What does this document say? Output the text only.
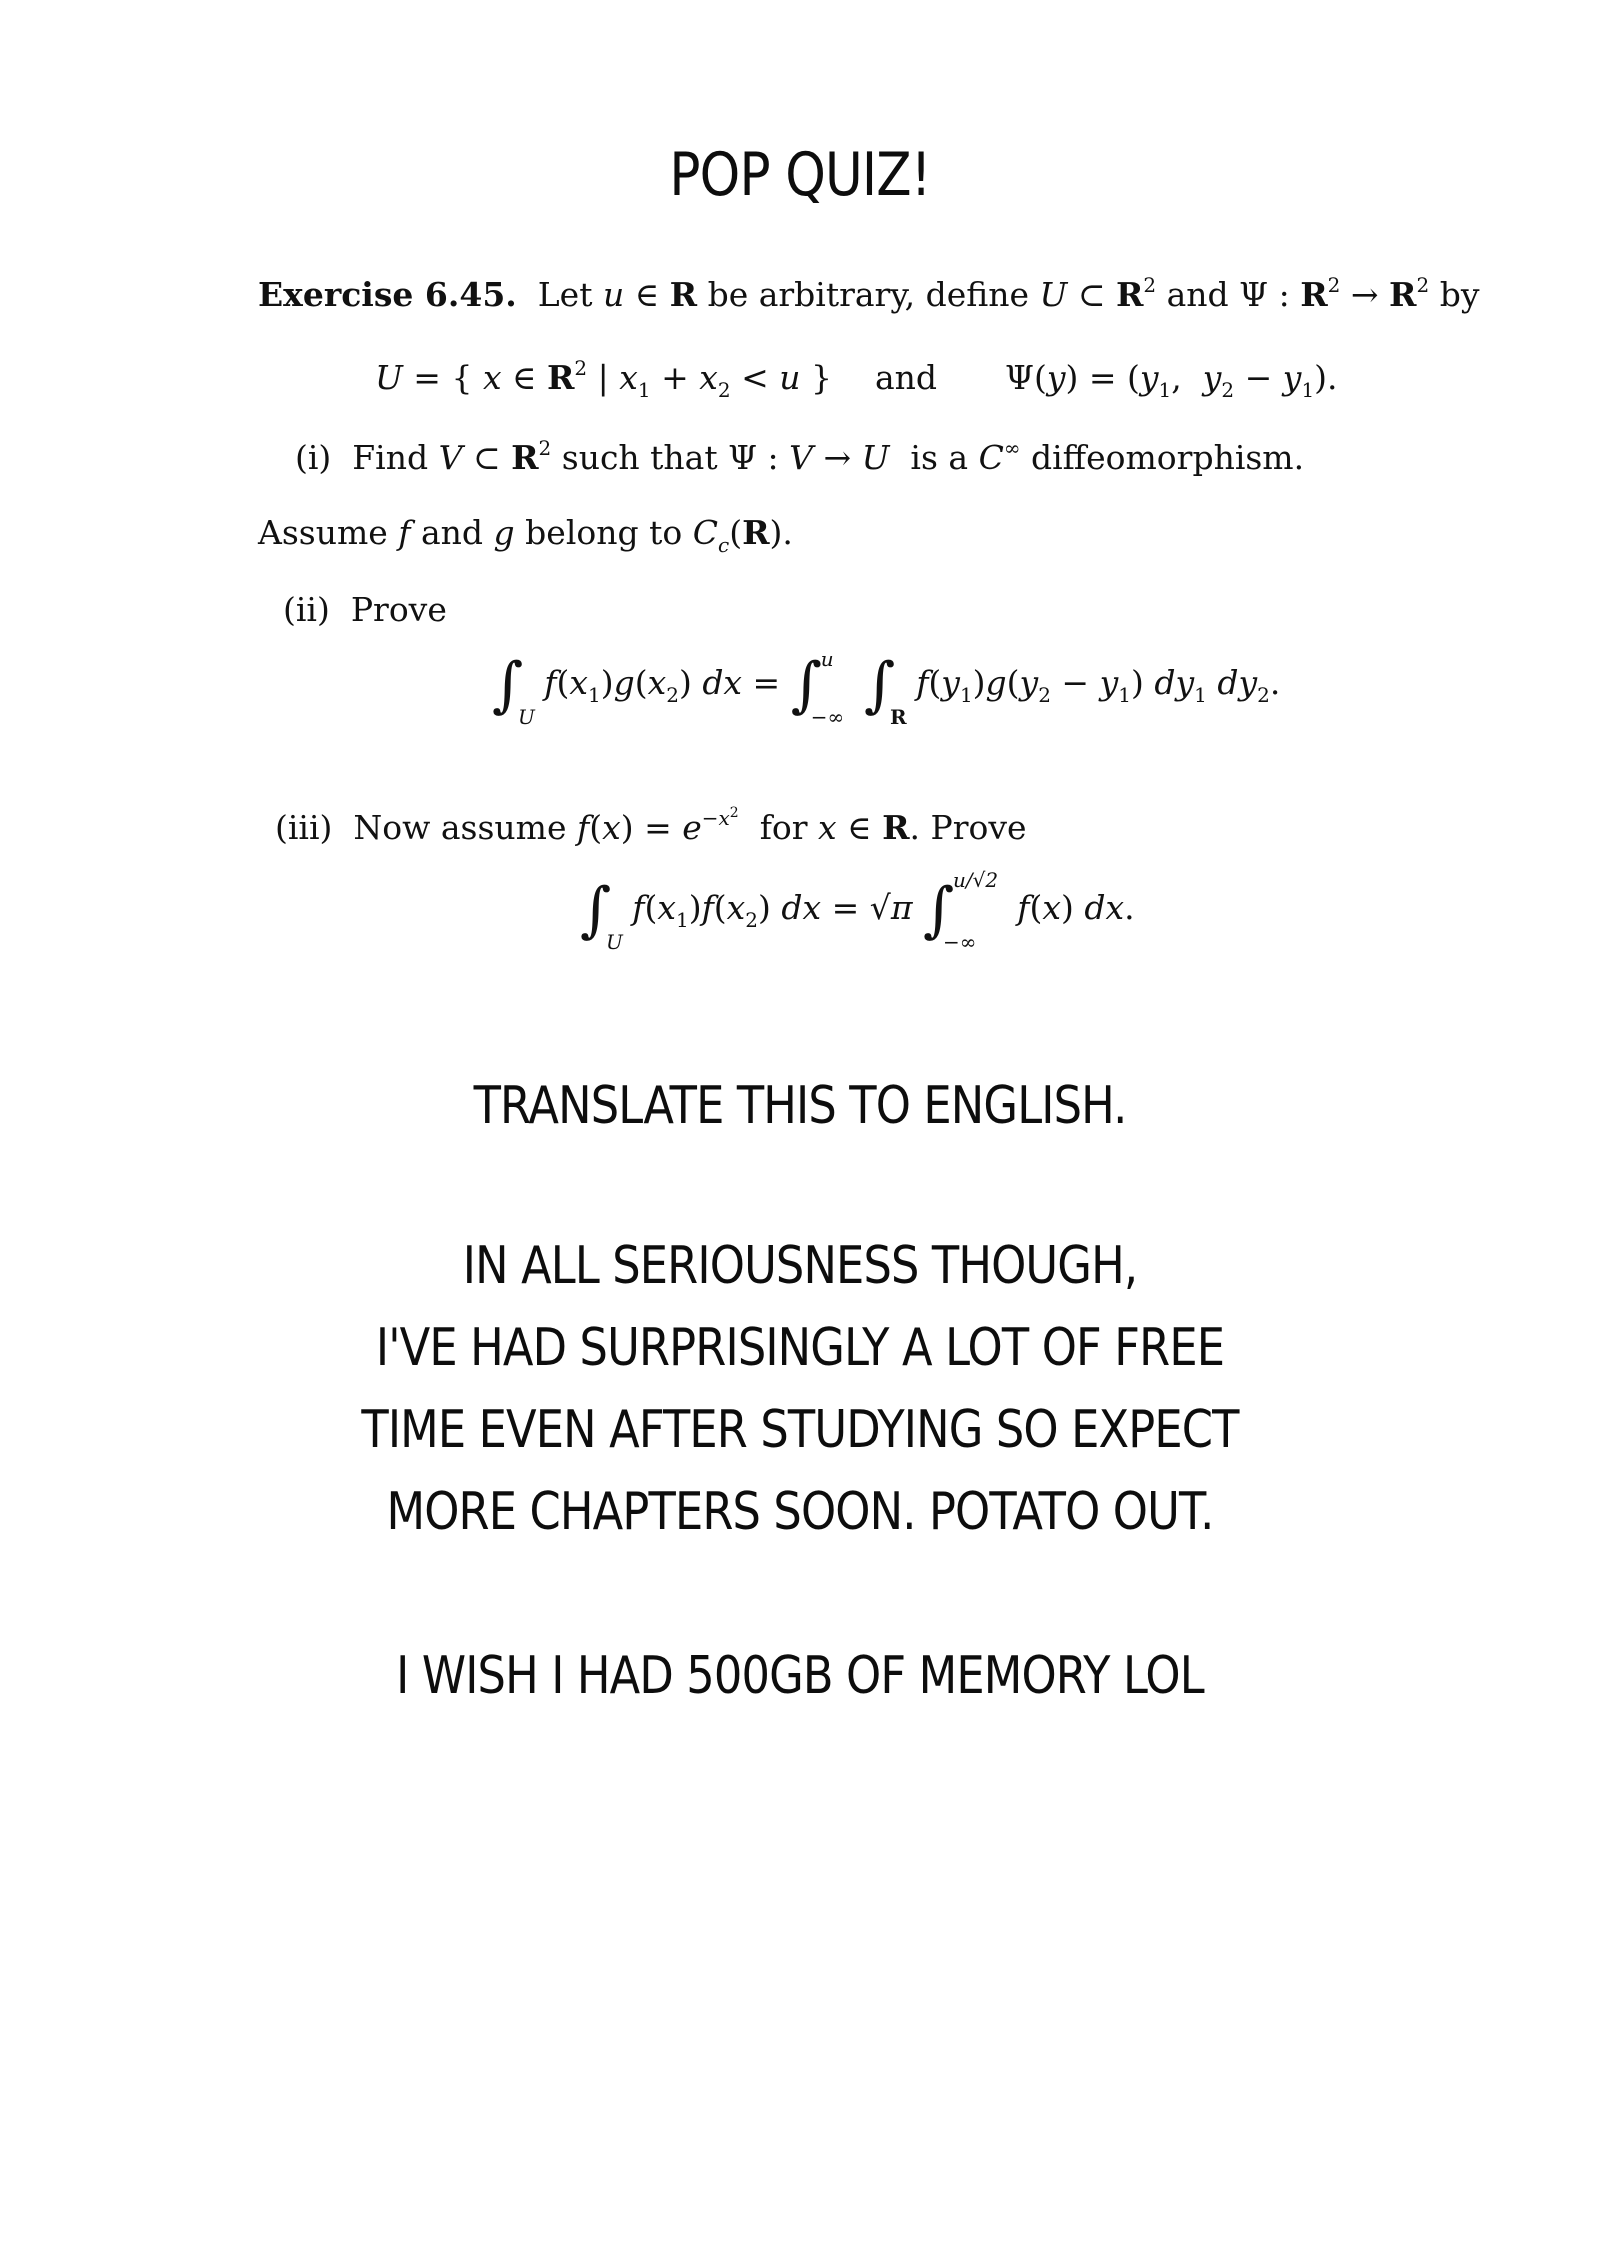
POP QUIZ!
Exercise 6.45.  Let u ∈ R be arbitrary, define U ⊂ $R^2$ and Ψ : $R^2 \to R^2$ by
U = { x ∈ $R^2$ | $x_1 + x_2 < u$ } and $\Psi(y) = (y_1$,  $y_2 - y_1$).
(i)  Find V ⊂ $R^2$ such that Ψ : V → U  is a C∞ diffeomorphism.
Assume f and g belong to $C_c(R)$.
(ii)  Prove
∫
U
$f(x_1)g(x_2)$ dx = ∫
u
−∞ ∫
R
$f(y_1)g(y_2 - y_1)$ $dy_1$ $dy_2$.
(iii)  Now assume $f(x) = e^{-x^2}$  for x ∈ R. Prove
∫
U
$f(x_1)f(x_2)$ dx = √π ∫
u/√2
−∞
f(x) dx.
TRANSLATE THIS TO ENGLISH.
IN ALL SERIOUSNESS THOUGH,
I'VE HAD SURPRISINGLY A LOT OF FREE
TIME EVEN AFTER STUDYING SO EXPECT
MORE CHAPTERS SOON. POTATO OUT.
I WISH I HAD 500GB OF MEMORY LOL
